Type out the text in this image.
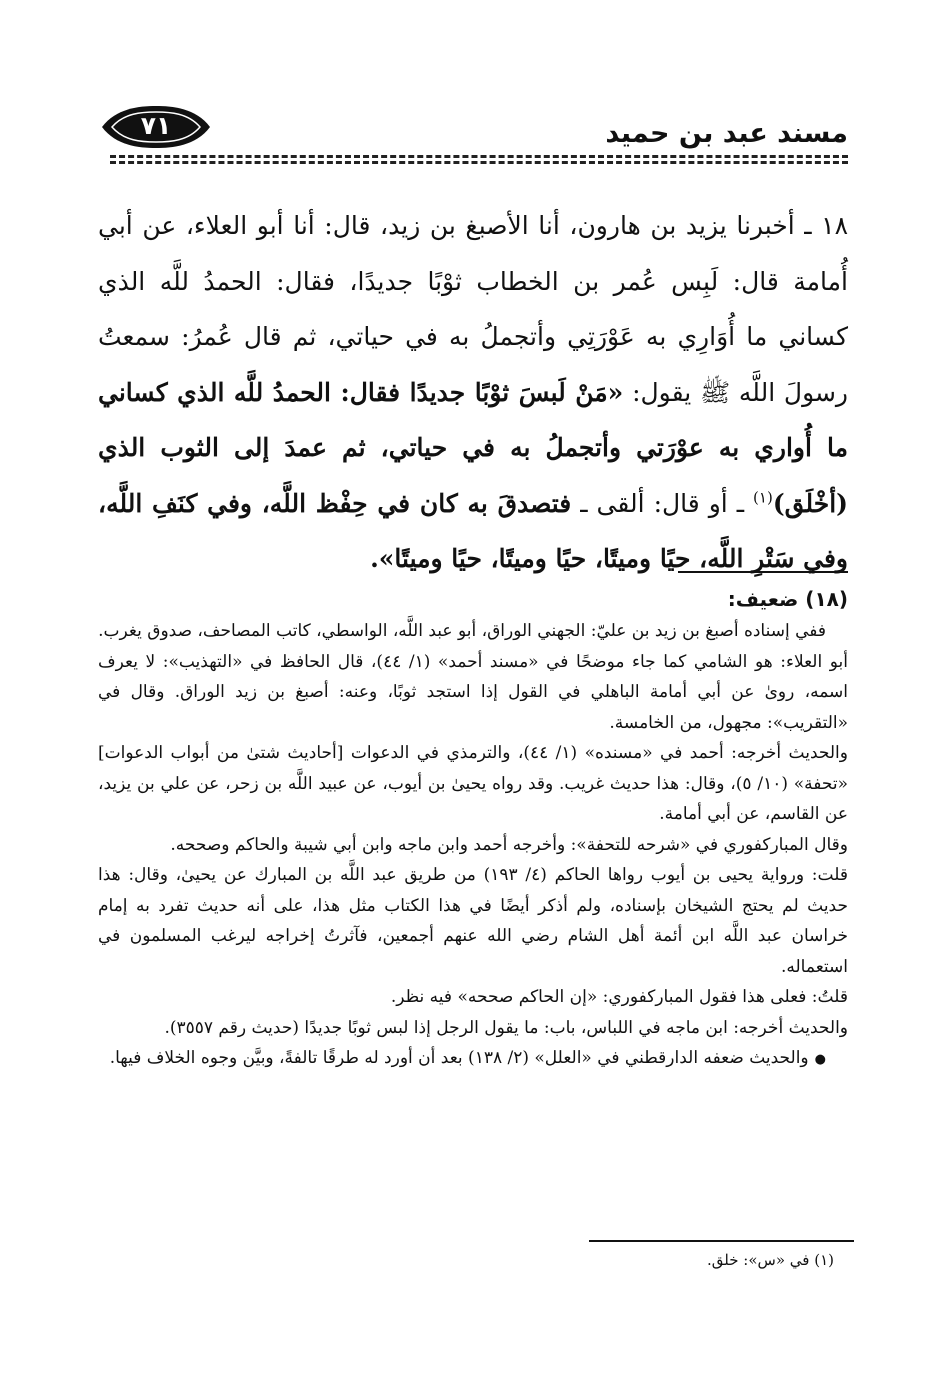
مسند عبد بن حميد
٧١

١٨ ـ أخبرنا يزيد بن هارون، أنا الأصبغ بن زيد، قال: أنا أبو العلاء، عن أبي أُمامة قال: لَبِس عُمر بن الخطاب ثوْبًا جديدًا، فقال: الحمدُ للَّه الذي كساني ما أُوَارِي به عَوْرَتِي وأتجملُ به في حياتي، ثم قال عُمرُ: سمعتُ رسولَ اللَّه ﷺ يقول: «مَنْ لَبسَ ثوْبًا جديدًا فقال: الحمدُ للَّه الذي كساني ما أُواري به عوْرَتي وأتجملُ به في حياتي، ثم عمدَ إلى الثوب الذي (أخْلَق)$^{(١)}$ ـ أو قال: ألقى ـ فتصدقَ به كان في حِفْظ اللَّه، وفي كنَفِ اللَّه، وفي سَتْرِ اللَّه، حيًا وميتًا، حيًا وميتًا، حيًا وميتًا».

(١٨) ضعيف:

ففي إسناده أصبغ بن زيد بن عليّ: الجهني الوراق، أبو عبد اللَّه، الواسطي، كاتب المصاحف، صدوق يغرب.

أبو العلاء: هو الشامي كما جاء موضحًا في «مسند أحمد» (١/ ٤٤)، قال الحافظ في «التهذيب»: لا يعرف اسمه، روىٰ عن أبي أمامة الباهلي في القول إذا استجد ثوبًا، وعنه: أصبغ بن زيد الوراق. وقال في «التقريب»: مجهول، من الخامسة.

والحديث أخرجه: أحمد في «مسنده» (١/ ٤٤)، والترمذي في الدعوات [أحاديث شتىٰ من أبواب الدعوات] «تحفة» (١٠/ ٥)، وقال: هذا حديث غريب. وقد رواه يحيىٰ بن أيوب، عن عبيد اللَّه بن زحر، عن علي بن يزيد، عن القاسم، عن أبي أمامة.

وقال المباركفوري في «شرحه للتحفة»: وأخرجه أحمد وابن ماجه وابن أبي شيبة والحاكم وصححه.

قلت: ورواية يحيى بن أيوب رواها الحاكم (٤/ ١٩٣) من طريق عبد اللَّه بن المبارك عن يحيىٰ، وقال: هذا حديث لم يحتج الشيخان بإسناده، ولم أذكر أيضًا في هذا الكتاب مثل هذا، على أنه حديث تفرد به إمام خراسان عبد اللَّه ابن أئمة أهل الشام رضي الله عنهم أجمعين، فآثرتُ إخراجه ليرغب المسلمون في استعماله.

قلتُ: فعلى هذا فقول المباركفوري: «إن الحاكم صححه» فيه نظر.

والحديث أخرجه: ابن ماجه في اللباس، باب: ما يقول الرجل إذا لبس ثوبًا جديدًا (حديث رقم ٣٥٥٧).

●والحديث ضعفه الدارقطني في «العلل» (٢/ ١٣٨) بعد أن أورد له طرقًا تالفةً، وبيَّن وجوه الخلاف فيها.

(١) في «س»: خلق.
